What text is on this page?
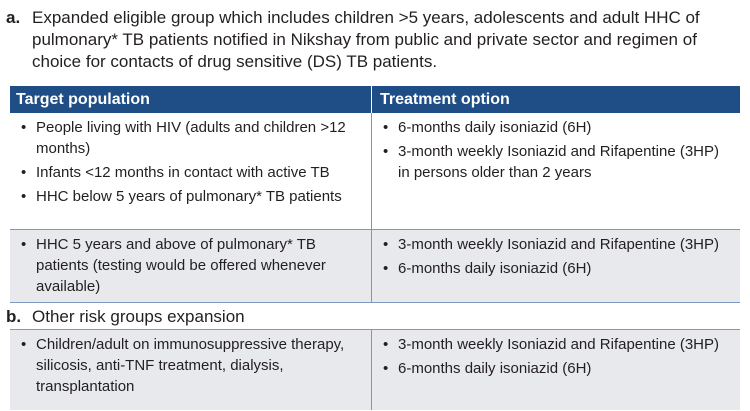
a. Expanded eligible group which includes children >5 years, adolescents and adult HHC of pulmonary* TB patients notified in Nikshay from public and private sector and regimen of choice for contacts of drug sensitive (DS) TB patients.
Target population	Treatment option
• People living with HIV (adults and children >12 months)
• Infants <12 months in contact with active TB
• HHC below 5 years of pulmonary* TB patients
• 6-months daily isoniazid (6H)
• 3-month weekly Isoniazid and Rifapentine (3HP) in persons older than 2 years
• HHC 5 years and above of pulmonary* TB patients (testing would be offered whenever available)
• 3-month weekly Isoniazid and Rifapentine (3HP)
• 6-months daily isoniazid (6H)
b. Other risk groups expansion
• Children/adult on immunosuppressive therapy, silicosis, anti-TNF treatment, dialysis, transplantation
• 3-month weekly Isoniazid and Rifapentine (3HP)
• 6-months daily isoniazid (6H)
